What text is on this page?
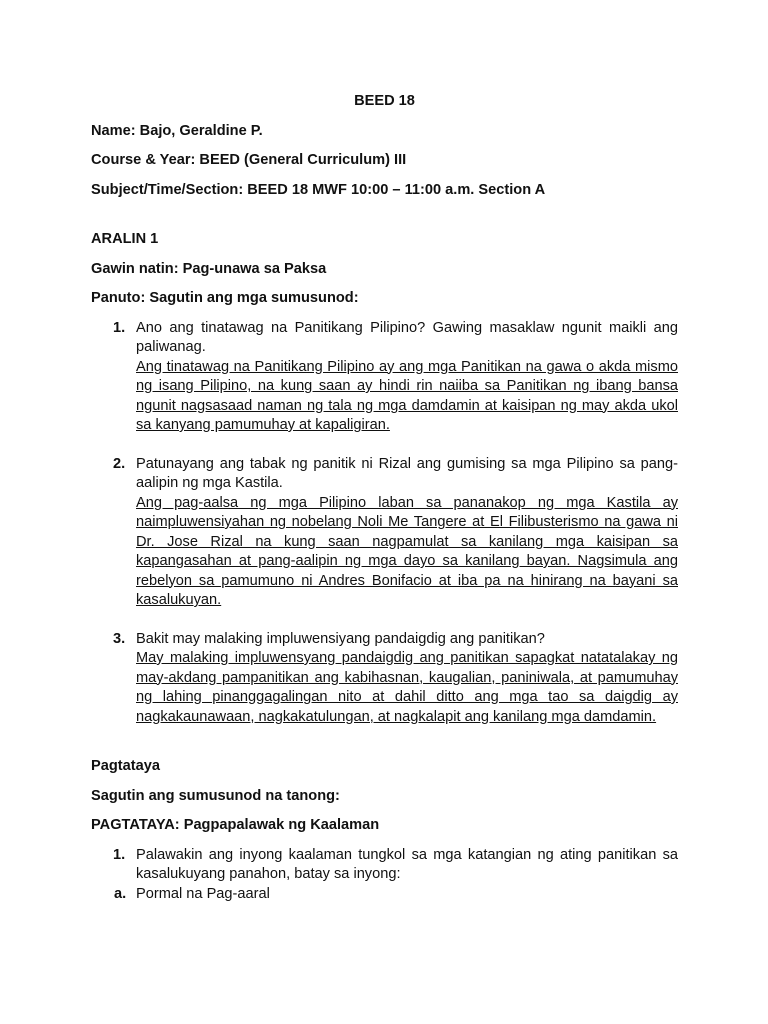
BEED 18

Name: Bajo, Geraldine P.

Course & Year: BEED (General Curriculum) III

Subject/Time/Section: BEED 18 MWF 10:00 – 11:00 a.m. Section A

ARALIN 1

Gawin natin: Pag-unawa sa Paksa

Panuto: Sagutin ang mga sumusunod:

1. Ano ang tinatawag na Panitikang Pilipino? Gawing masaklaw ngunit maikli ang paliwanag.

Ang tinatawag na Panitikang Pilipino ay ang mga Panitikan na gawa o akda mismo ng isang Pilipino, na kung saan ay hindi rin naiiba sa Panitikan ng ibang bansa ngunit nagsasaad naman ng tala ng mga damdamin at kaisipan ng may akda ukol sa kanyang pamumuhay at kapaligiran.

2. Patunayang ang tabak ng panitik ni Rizal ang gumising sa mga Pilipino sa pang-aalipin ng mga Kastila.

Ang pag-aalsa ng mga Pilipino laban sa pananakop ng mga Kastila ay naimpluwensiyahan ng nobelang Noli Me Tangere at El Filibusterismo na gawa ni Dr. Jose Rizal na kung saan nagpamulat sa kanilang mga kaisipan sa kapangasahan at pang-aalipin ng mga dayo sa kanilang bayan. Nagsimula ang rebelyon sa pamumuno ni Andres Bonifacio at iba pa na hinirang na bayani sa kasalukuyan.

3. Bakit may malaking impluwensiyang pandaigdig ang panitikan?

May malaking impluwensyang pandaigdig ang panitikan sapagkat natatalakay ng may-akdang pampanitikan ang kabihasnan, kaugalian, paniniwala, at pamumuhay ng lahing pinanggagalingan nito at dahil ditto ang mga tao sa daigdig ay nagkakaunawaan, nagkakatulungan, at nagkalapit ang kanilang mga damdamin.

Pagtataya

Sagutin ang sumusunod na tanong:

PAGTATAYA: Pagpapalawak ng Kaalaman

1. Palawakin ang inyong kaalaman tungkol sa mga katangian ng ating panitikan sa kasalukuyang panahon, batay sa inyong:

a. Pormal na Pag-aaral
